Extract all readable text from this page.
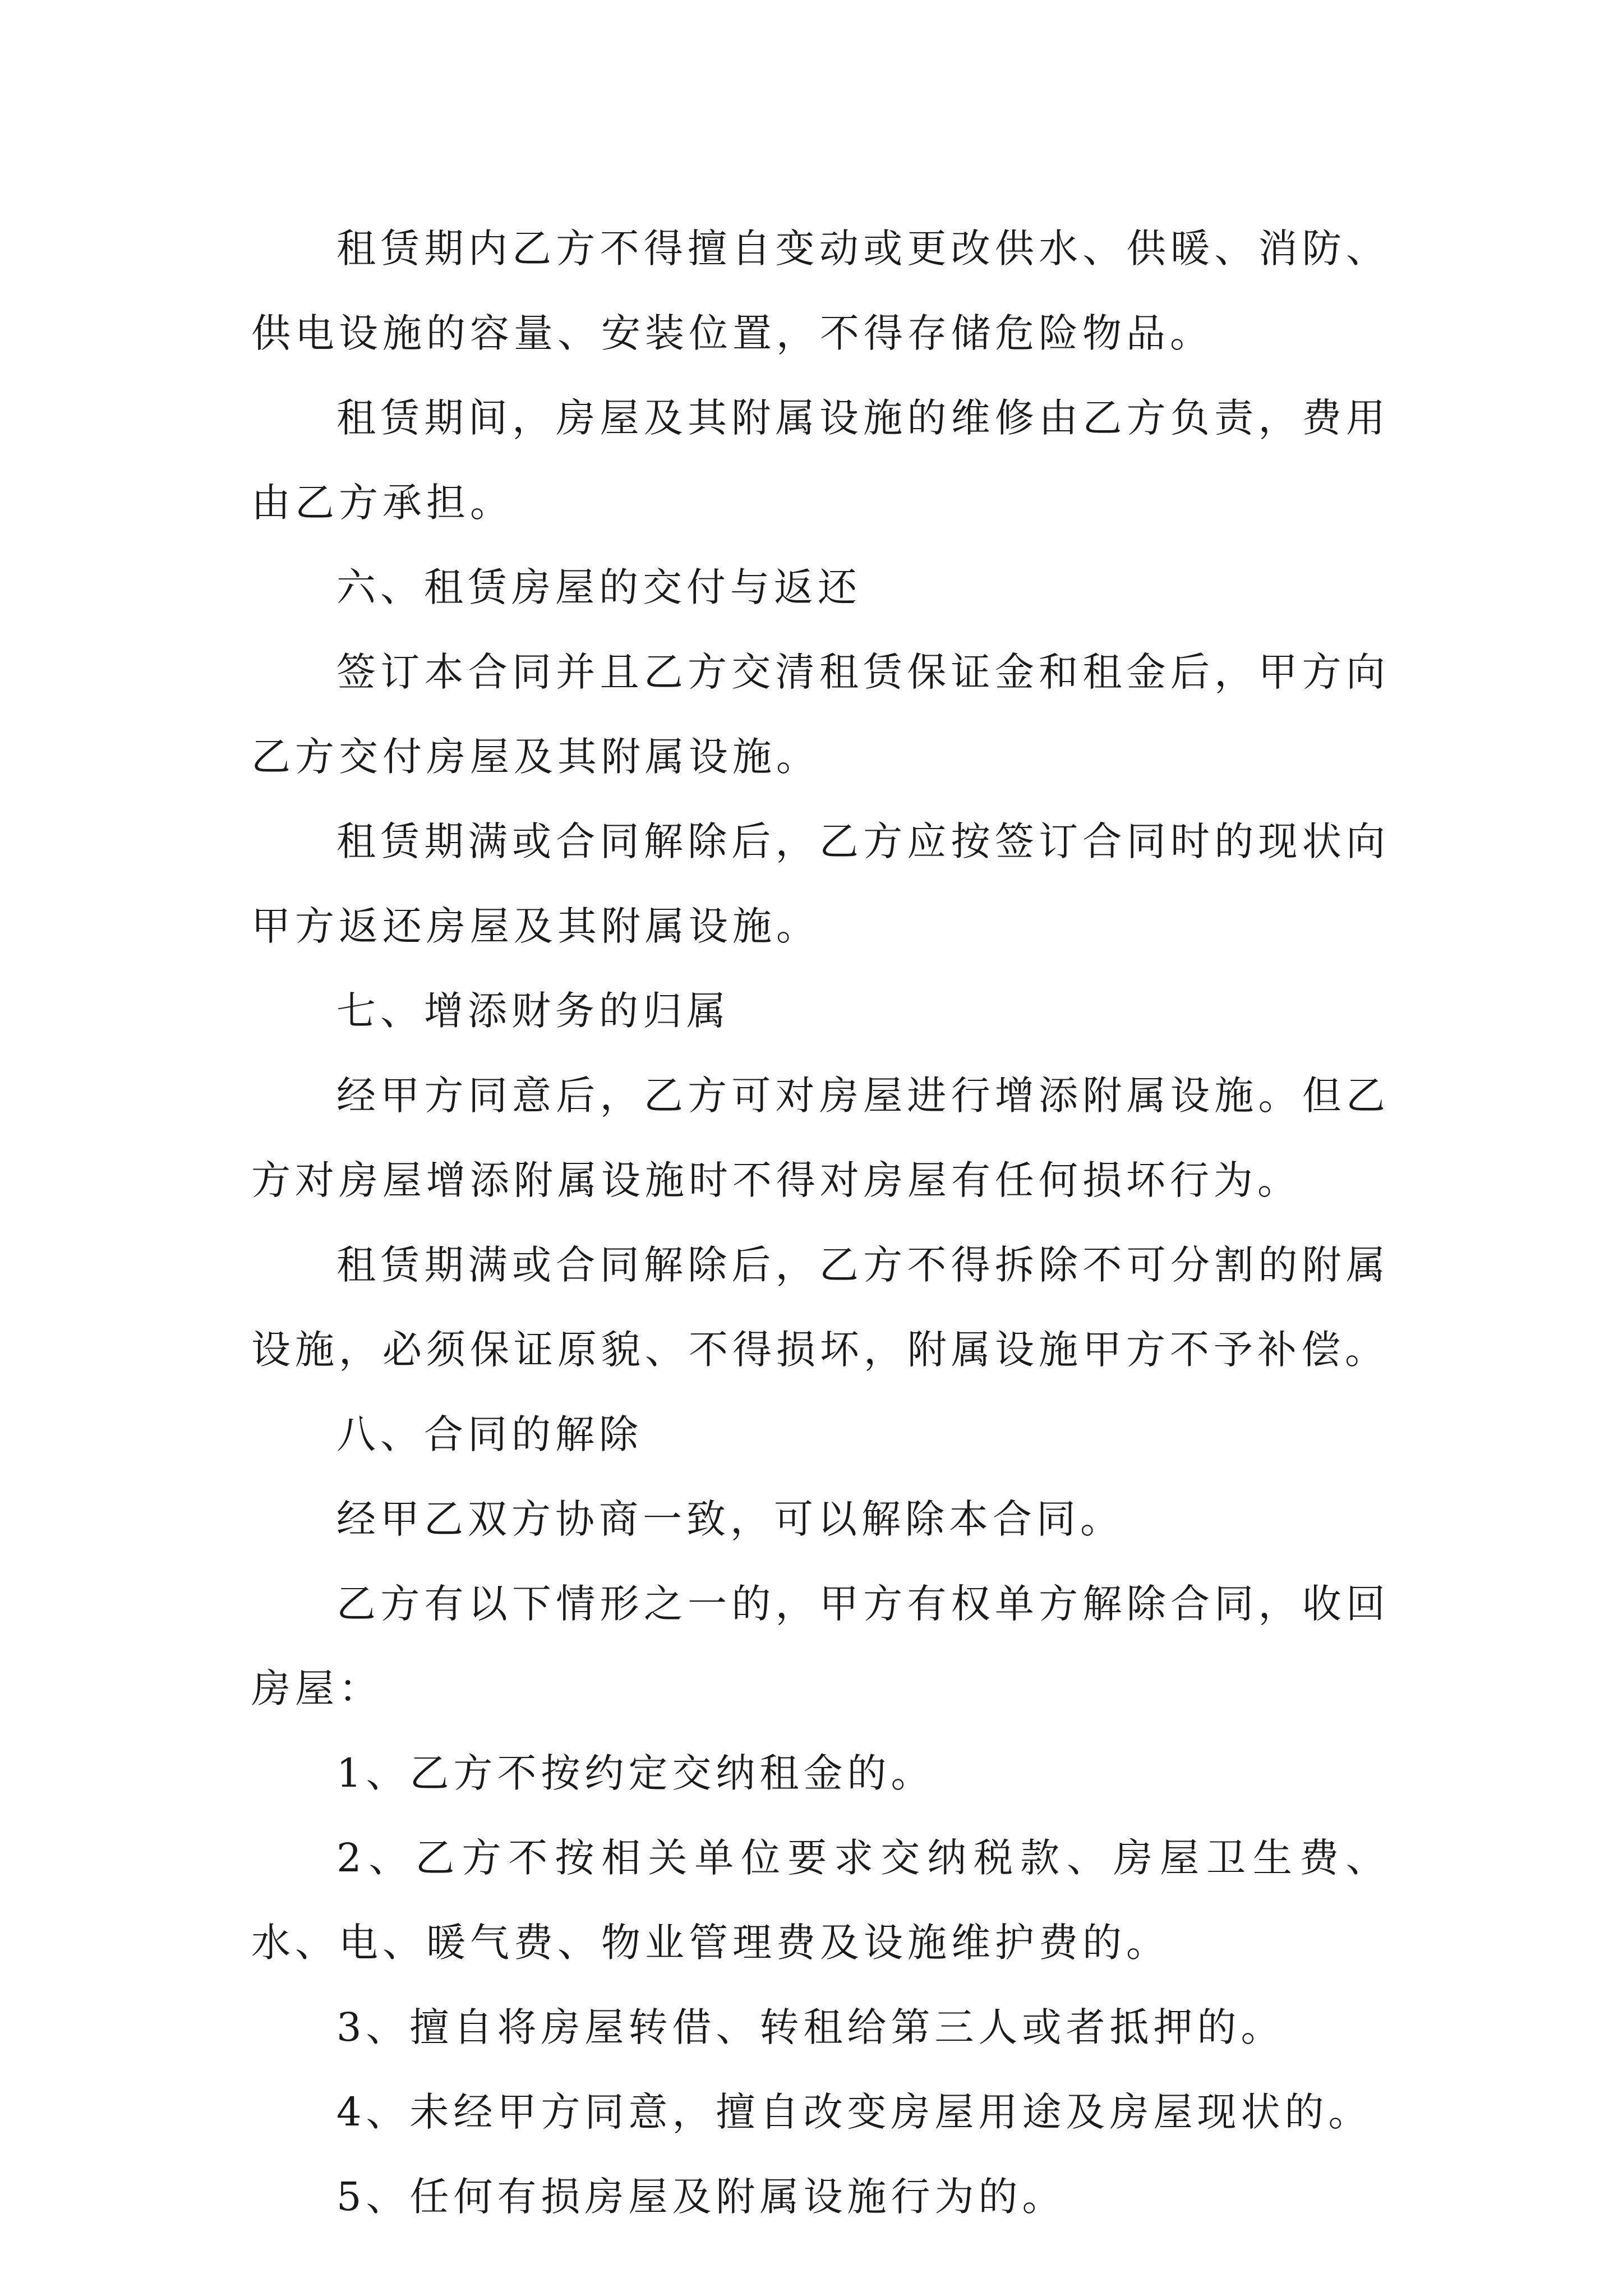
租赁期内乙方不得擅自变动或更改供水、供暖、消防、供电设施的容量、安装位置，不得存储危险物品。

租赁期间，房屋及其附属设施的维修由乙方负责，费用由乙方承担。

六、租赁房屋的交付与返还

签订本合同并且乙方交清租赁保证金和租金后，甲方向乙方交付房屋及其附属设施。

租赁期满或合同解除后，乙方应按签订合同时的现状向甲方返还房屋及其附属设施。

七、增添财务的归属

经甲方同意后，乙方可对房屋进行增添附属设施。但乙方对房屋增添附属设施时不得对房屋有任何损坏行为。

租赁期满或合同解除后，乙方不得拆除不可分割的附属设施，必须保证原貌、不得损坏，附属设施甲方不予补偿。

八、合同的解除

经甲乙双方协商一致，可以解除本合同。

乙方有以下情形之一的，甲方有权单方解除合同，收回房屋：

1、乙方不按约定交纳租金的。

2、乙方不按相关单位要求交纳税款、房屋卫生费、水、电、暖气费、物业管理费及设施维护费的。

3、擅自将房屋转借、转租给第三人或者抵押的。

4、未经甲方同意，擅自改变房屋用途及房屋现状的。

5、任何有损房屋及附属设施行为的。
